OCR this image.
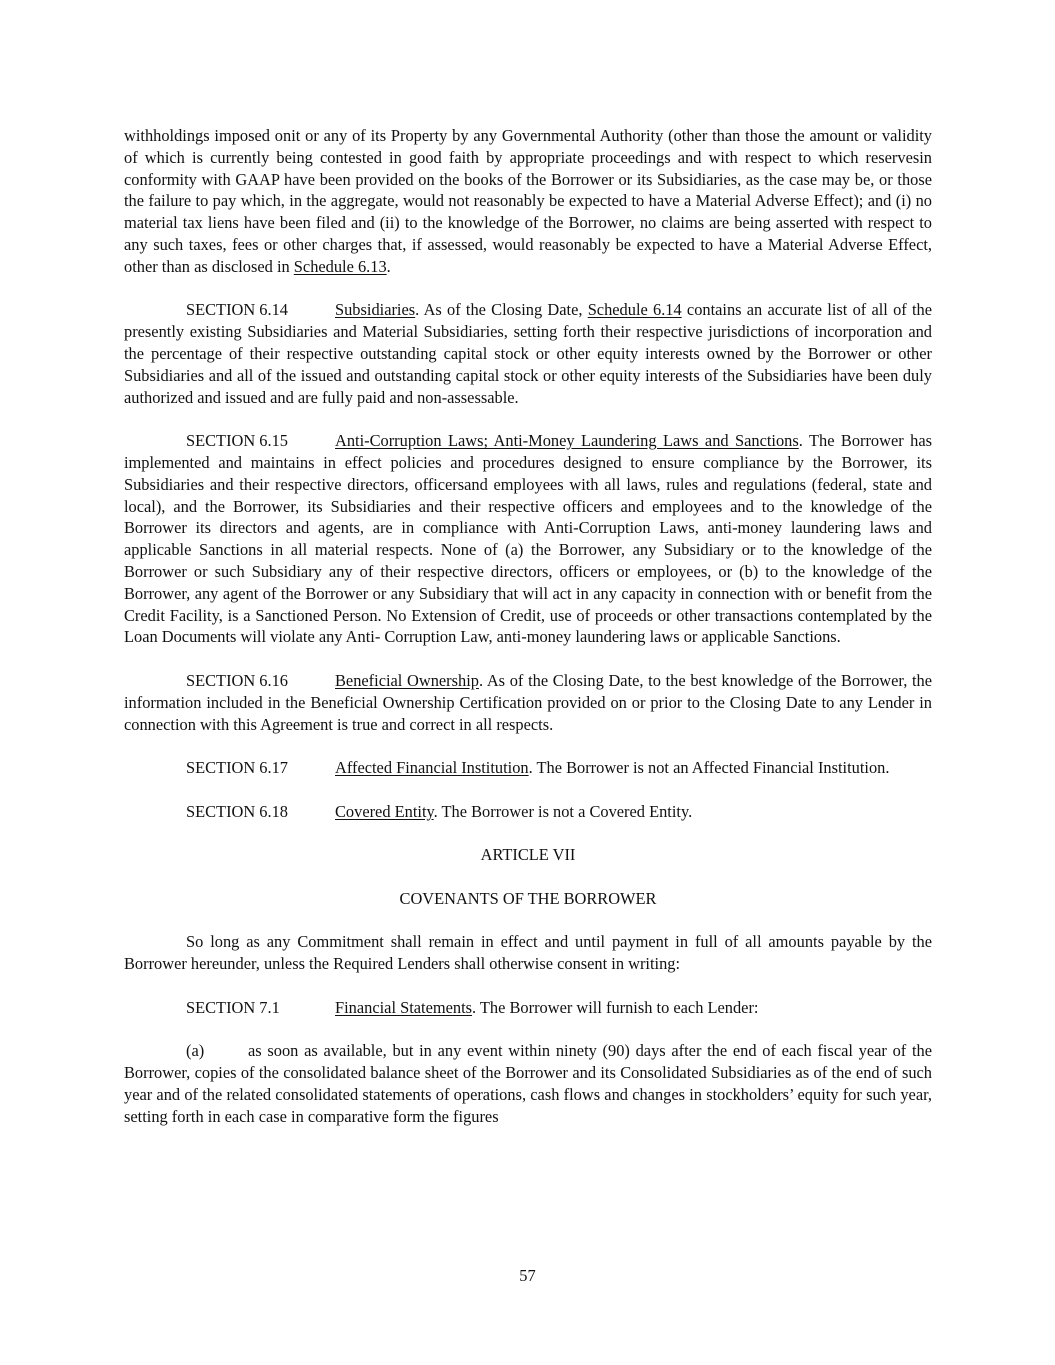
withholdings imposed onit or any of its Property by any Governmental Authority (other than those the amount or validity of which is currently being contested in good faith by appropriate proceedings and with respect to which reservesin conformity with GAAP have been provided on the books of the Borrower or its Subsidiaries, as the case may be, or those the failure to pay which, in the aggregate, would not reasonably be expected to have a Material Adverse Effect); and (i) no material tax liens have been filed and (ii) to the knowledge of the Borrower, no claims are being asserted with respect to any such taxes, fees or other charges that, if assessed, would reasonably be expected to have a Material Adverse Effect, other than as disclosed in Schedule 6.13.

SECTION 6.14	Subsidiaries. As of the Closing Date, Schedule 6.14 contains an accurate list of all of the presently existing Subsidiaries and Material Subsidiaries, setting forth their respective jurisdictions of incorporation and the percentage of their respective outstanding capital stock or other equity interests owned by the Borrower or other Subsidiaries and all of the issued and outstanding capital stock or other equity interests of the Subsidiaries have been duly authorized and issued and are fully paid and non-assessable.

SECTION 6.15	Anti-Corruption Laws; Anti-Money Laundering Laws and Sanctions. The Borrower has implemented and maintains in effect policies and procedures designed to ensure compliance by the Borrower, its Subsidiaries and their respective directors, officersand employees with all laws, rules and regulations (federal, state and local), and the Borrower, its Subsidiaries and their respective officers and employees and to the knowledge of the Borrower its directors and agents, are in compliance with Anti-Corruption Laws, anti-money laundering laws and applicable Sanctions in all material respects. None of (a) the Borrower, any Subsidiary or to the knowledge of the Borrower or such Subsidiary any of their respective directors, officers or employees, or (b) to the knowledge of the Borrower, any agent of the Borrower or any Subsidiary that will act in any capacity in connection with or benefit from the Credit Facility, is a Sanctioned Person. No Extension of Credit, use of proceeds or other transactions contemplated by the Loan Documents will violate any Anti- Corruption Law, anti-money laundering laws or applicable Sanctions.

SECTION 6.16	Beneficial Ownership. As of the Closing Date, to the best knowledge of the Borrower, the information included in the Beneficial Ownership Certification provided on or prior to the Closing Date to any Lender in connection with this Agreement is true and correct in all respects.

SECTION 6.17	Affected Financial Institution. The Borrower is not an Affected Financial Institution.

SECTION 6.18	Covered Entity. The Borrower is not a Covered Entity.

ARTICLE VII

COVENANTS OF THE BORROWER

So long as any Commitment shall remain in effect and until payment in full of all amounts payable by the Borrower hereunder, unless the Required Lenders shall otherwise consent in writing:

SECTION 7.1	Financial Statements. The Borrower will furnish to each Lender:

(a)	as soon as available, but in any event within ninety (90) days after the end of each fiscal year of the Borrower, copies of the consolidated balance sheet of the Borrower and its Consolidated Subsidiaries as of the end of such year and of the related consolidated statements of operations, cash flows and changes in stockholders’ equity for such year, setting forth in each case in comparative form the figures

57
